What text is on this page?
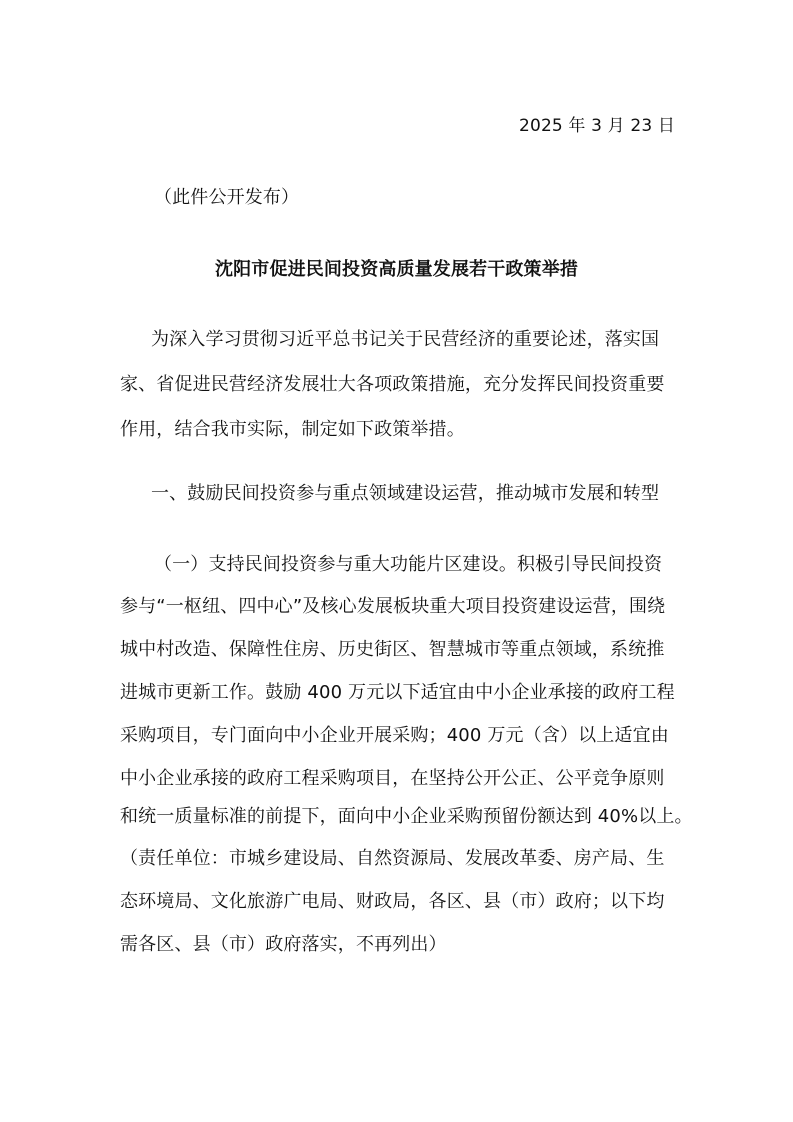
2025 年 3 月 23 日
（此件公开发布）
沈阳市促进民间投资高质量发展若干政策举措
为深入学习贯彻习近平总书记关于民营经济的重要论述，落实国
家、省促进民营经济发展壮大各项政策措施，充分发挥民间投资重要
作用，结合我市实际，制定如下政策举措。
一、鼓励民间投资参与重点领域建设运营，推动城市发展和转型
（一）支持民间投资参与重大功能片区建设。积极引导民间投资
参与“一枢纽、四中心”及核心发展板块重大项目投资建设运营，围绕
城中村改造、保障性住房、历史街区、智慧城市等重点领域，系统推
进城市更新工作。鼓励 400 万元以下适宜由中小企业承接的政府工程
采购项目，专门面向中小企业开展采购；400 万元（含）以上适宜由
中小企业承接的政府工程采购项目，在坚持公开公正、公平竞争原则
和统一质量标准的前提下，面向中小企业采购预留份额达到 40%以上。
（责任单位：市城乡建设局、自然资源局、发展改革委、房产局、生
态环境局、文化旅游广电局、财政局，各区、县（市）政府；以下均
需各区、县（市）政府落实，不再列出）
